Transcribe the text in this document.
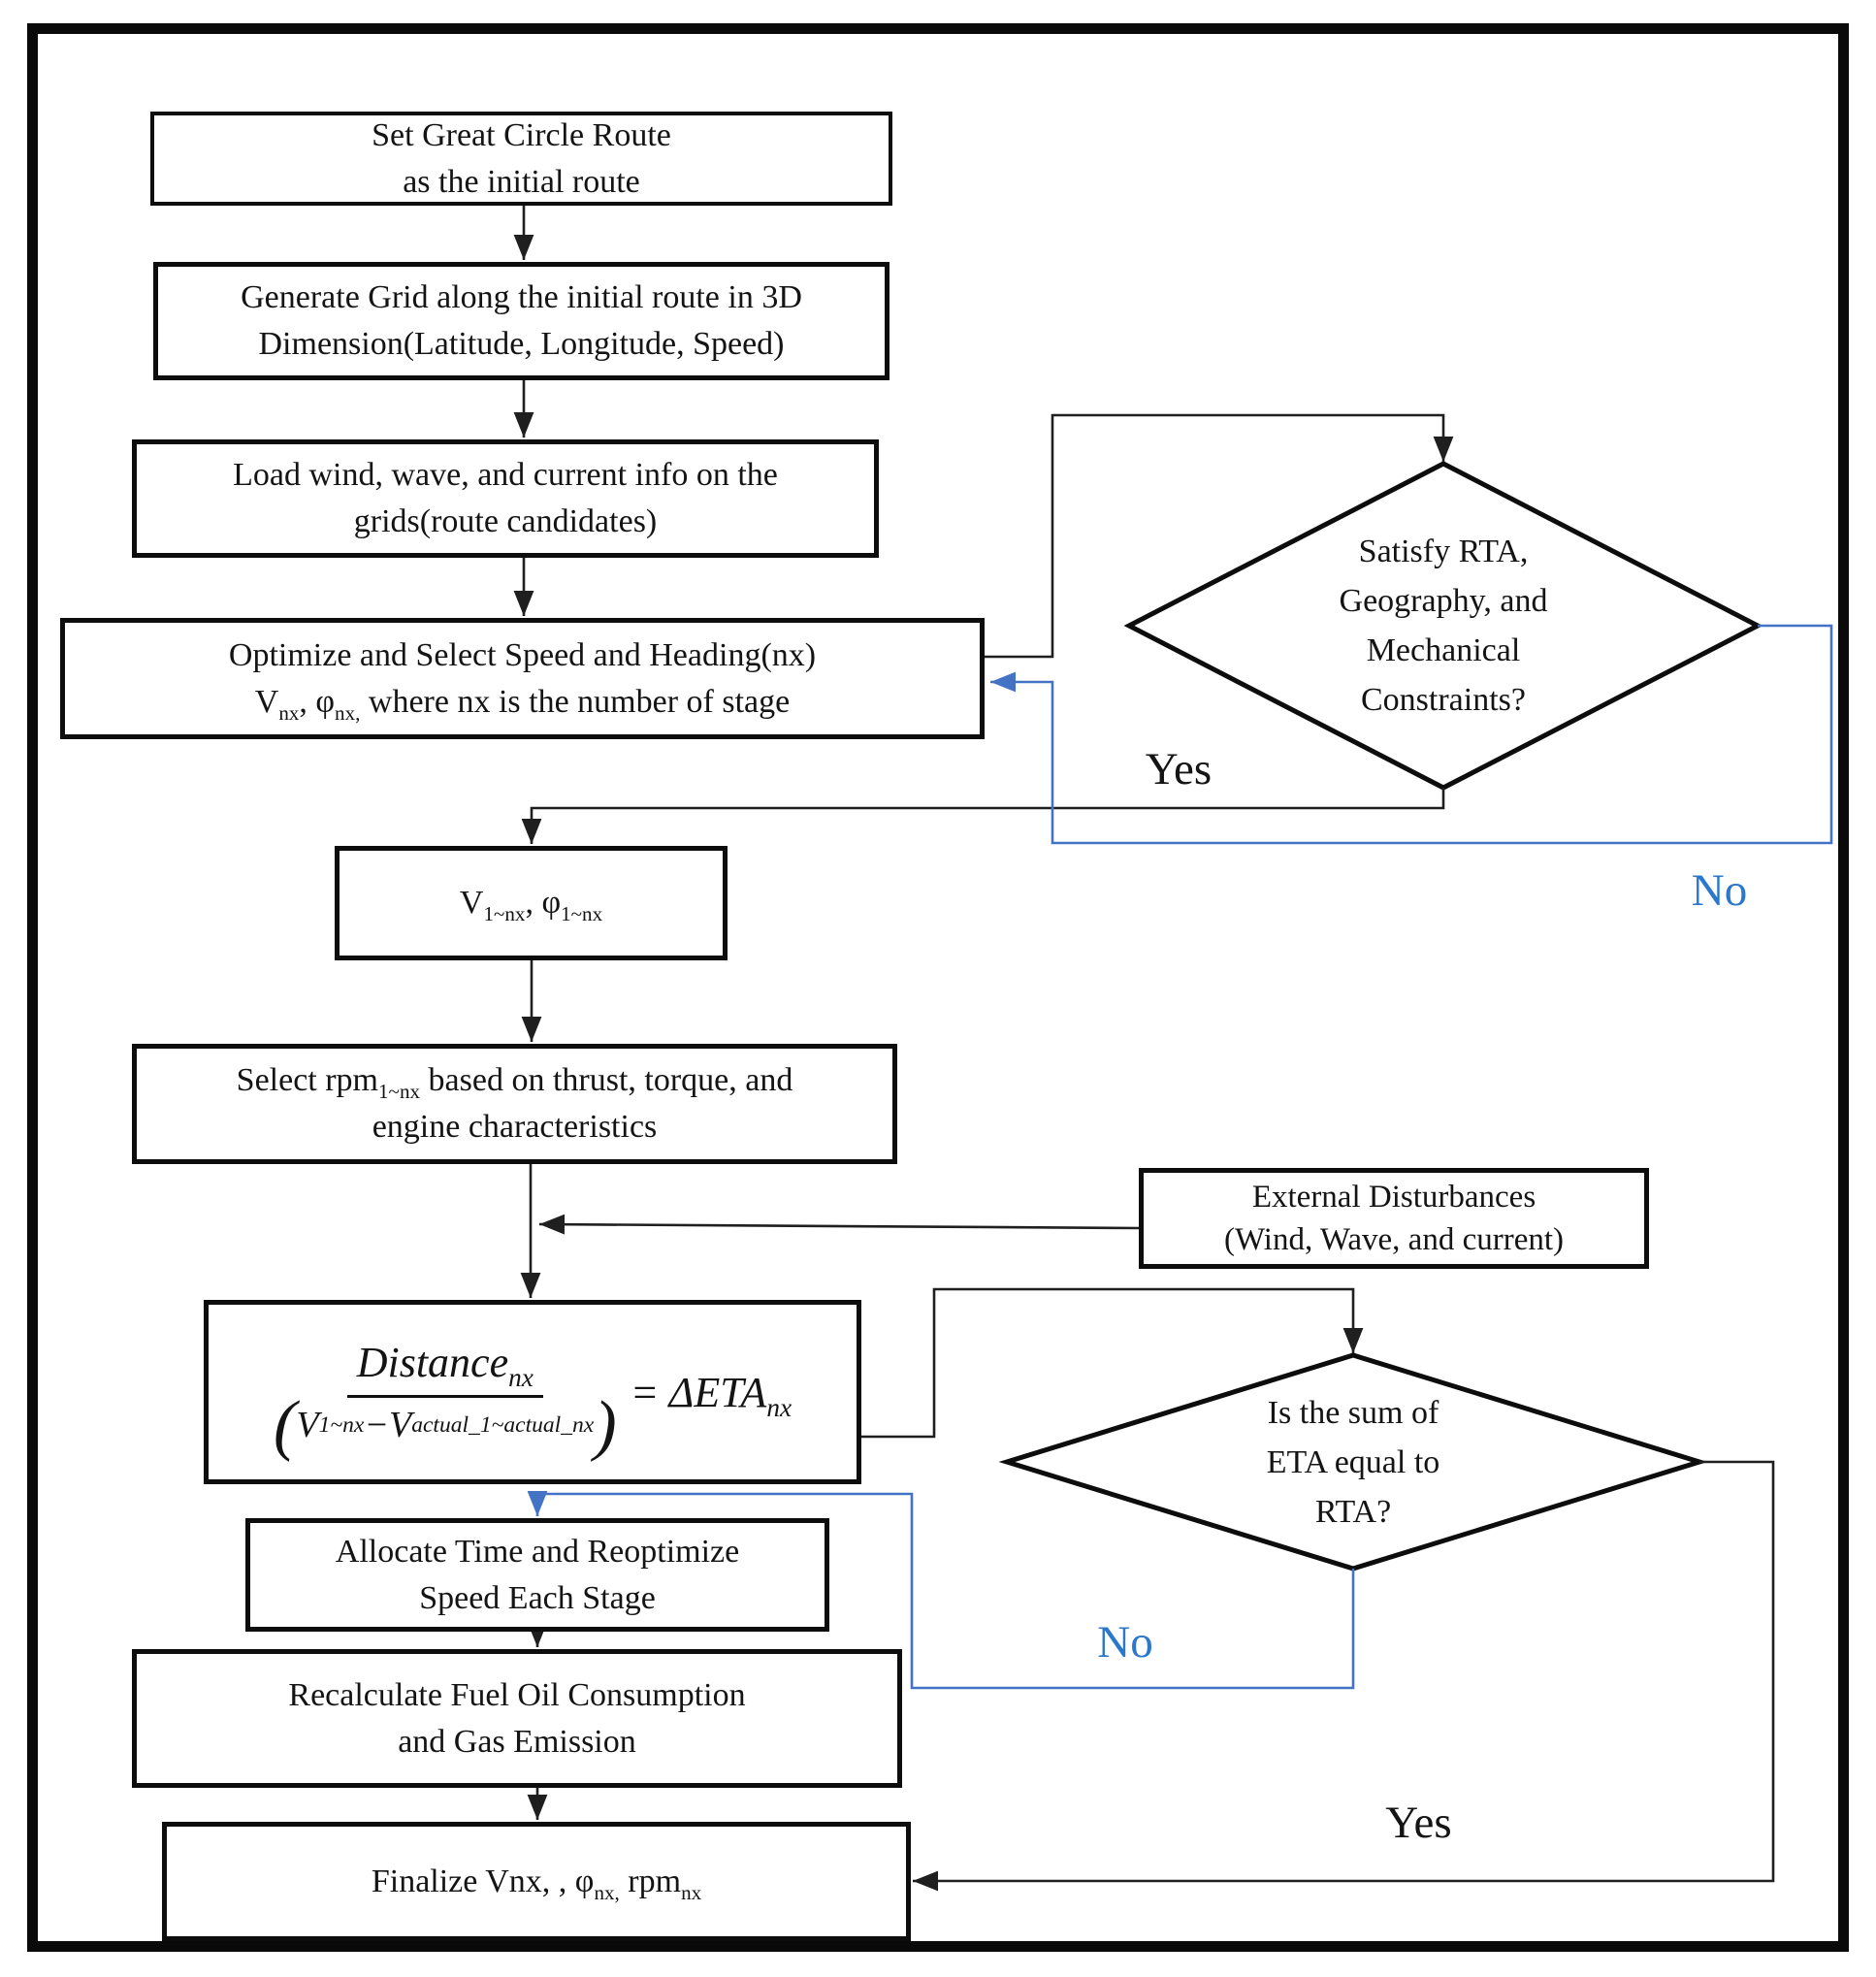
Set Great Circle Route
as the initial route
Generate Grid along the initial route in 3D
Dimension(Latitude, Longitude, Speed)
Load wind, wave, and current info on the
grids(route candidates)
Optimize and Select Speed and Heading(nx)
$V_{nx}$, $\varphi_{nx,}$ where nx is the number of stage
$V_{1\sim nx}$, $\varphi_{1\sim nx}$
Select rpm$_{1\sim nx}$ based on thrust, torque, and
engine characteristics
External Disturbances
(Wind, Wave, and current)
$\frac{Distance_{nx}}{\text{( V 1\textasciitilde{}nx − V actual\_1\textasciitilde{}actual\_nx )}} = \Delta ETA_{nx}$
Allocate Time and Reoptimize
Speed Each Stage
Recalculate Fuel Oil Consumption
and Gas Emission
Finalize Vnx, , $\varphi_{nx,}$ rpm$_{nx}$
Satisfy RTA,
Geography, and
Mechanical
Constraints?
Is the sum of
ETA equal to
RTA?
Yes
No
No
Yes
